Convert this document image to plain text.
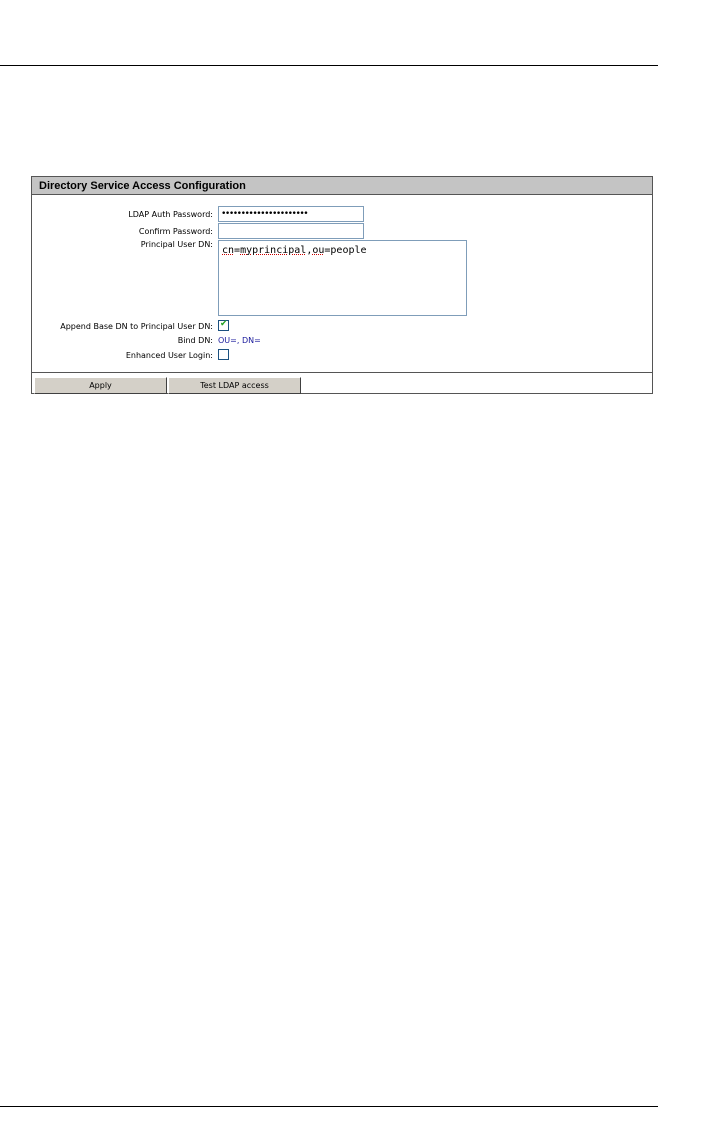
Directory Service Access Configuration
LDAP Auth Password: ••••••••••••••••••••••
Confirm Password:
Principal User DN:
cn=myprincipal,ou=people
Append Base DN to Principal User DN: ✔
Bind DN: OU=, DN=
Enhanced User Login:
Apply	Test LDAP access
